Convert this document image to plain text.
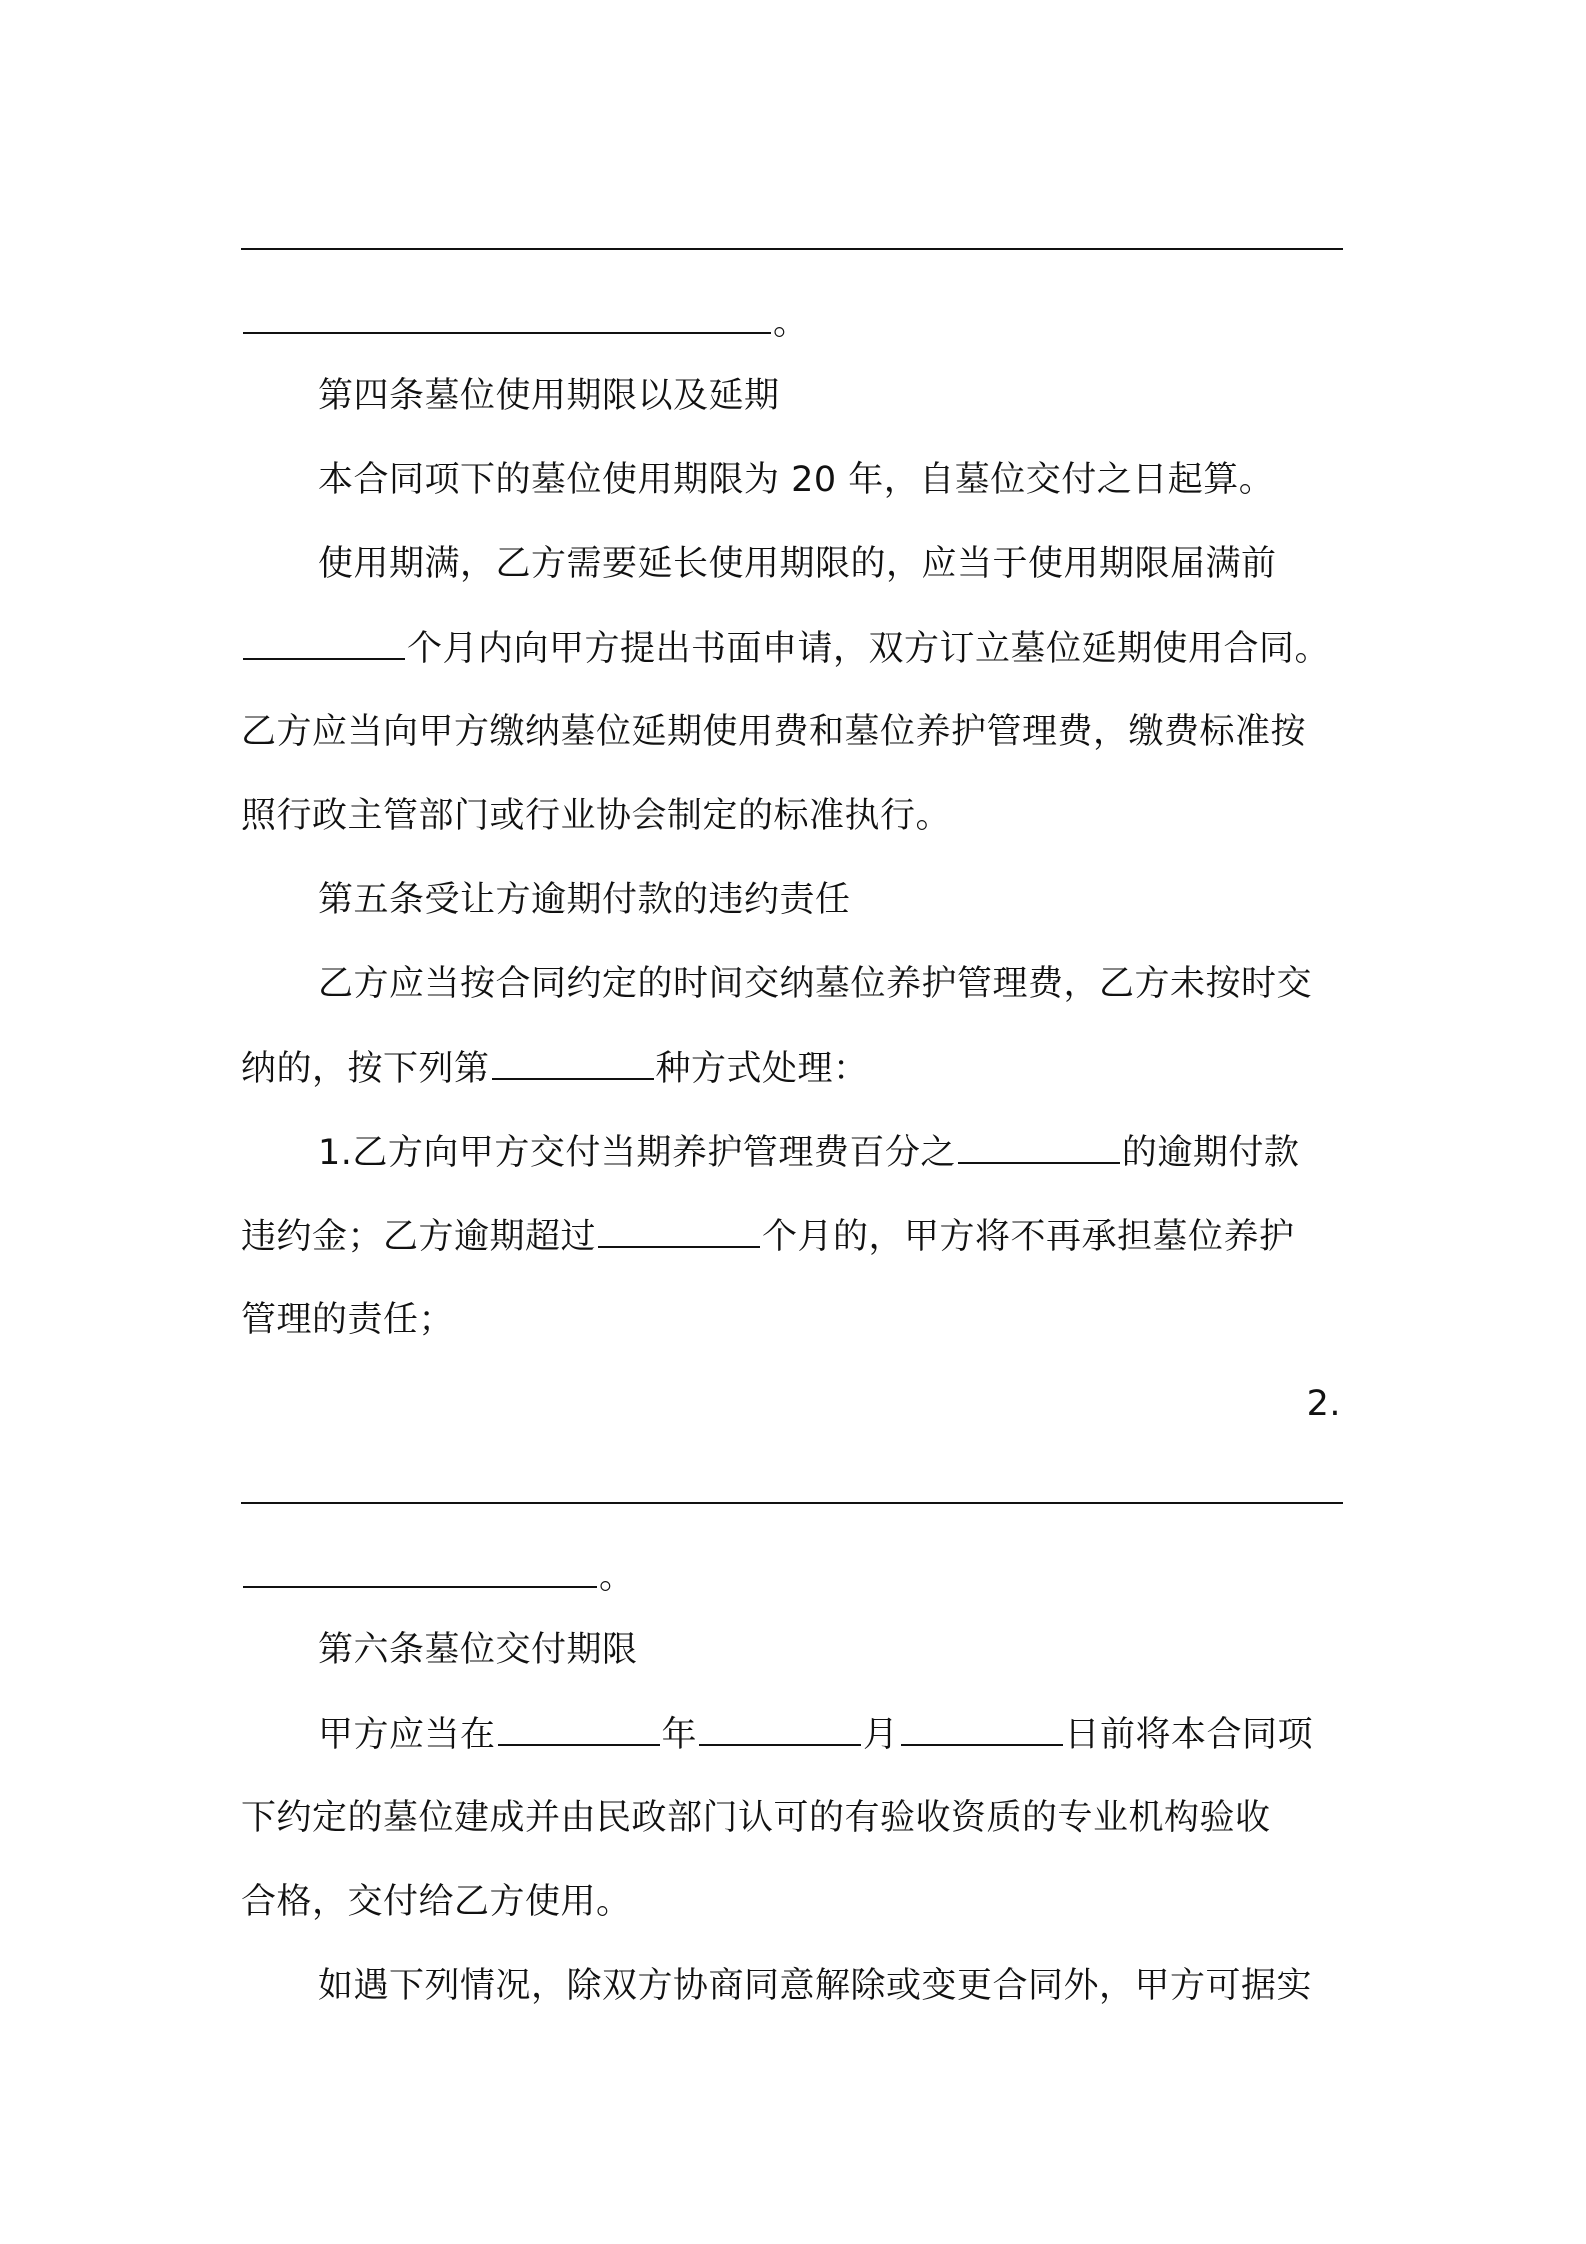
。
第四条墓位使用期限以及延期
本合同项下的墓位使用期限为 20 年，自墓位交付之日起算。
使用期满，乙方需要延长使用期限的，应当于使用期限届满前
个月内向甲方提出书面申请，双方订立墓位延期使用合同。
乙方应当向甲方缴纳墓位延期使用费和墓位养护管理费，缴费标准按
照行政主管部门或行业协会制定的标准执行。
第五条受让方逾期付款的违约责任
乙方应当按合同约定的时间交纳墓位养护管理费，乙方未按时交
纳的，按下列第	种方式处理：
1.乙方向甲方交付当期养护管理费百分之	的逾期付款
违约金；乙方逾期超过	个月的，甲方将不再承担墓位养护
管理的责任；
2.
。
第六条墓位交付期限
甲方应当在	年	月	日前将本合同项
下约定的墓位建成并由民政部门认可的有验收资质的专业机构验收
合格，交付给乙方使用。
如遇下列情况，除双方协商同意解除或变更合同外，甲方可据实
